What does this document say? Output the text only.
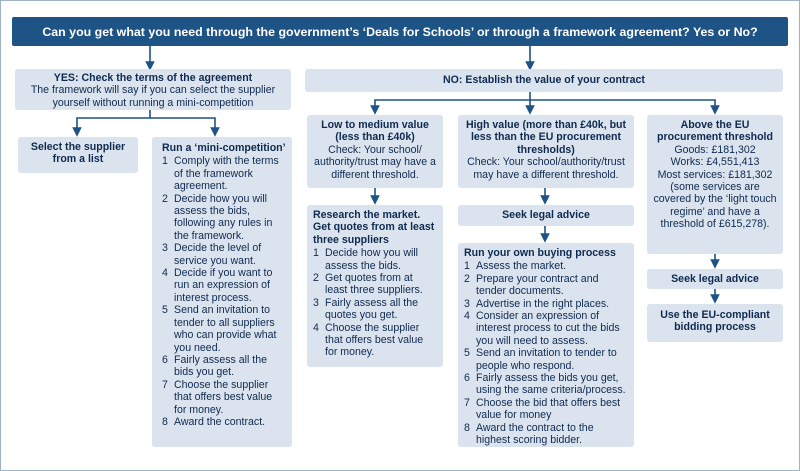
Can you get what you need through the government’s ‘Deals for Schools’ or through a framework agreement? Yes or No?
YES: Check the terms of the agreement
The framework will say if you can select the supplier yourself without running a mini-competition
Select the supplier from a list
Run a ‘mini-competition’
1 Comply with the terms of the framework agreement.
2 Decide how you will assess the bids, following any rules in the framework.
3 Decide the level of service you want.
4 Decide if you want to run an expression of interest process.
5 Send an invitation to tender to all suppliers who can provide what you need.
6 Fairly assess all the bids you get.
7 Choose the supplier that offers best value for money.
8 Award the contract.
NO: Establish the value of your contract
Low to medium value (less than £40k)
Check: Your school/ authority/trust may have a different threshold.
Research the market. Get quotes from at least three suppliers
1 Decide how you will assess the bids.
2 Get quotes from at least three suppliers.
3 Fairly assess all the quotes you get.
4 Choose the supplier that offers best value for money.
High value (more than £40k, but less than the EU procurement thresholds)
Check: Your school/authority/trust may have a different threshold.
Seek legal advice
Run your own buying process
1 Assess the market.
2 Prepare your contract and tender documents.
3 Advertise in the right places.
4 Consider an expression of interest process to cut the bids you will need to assess.
5 Send an invitation to tender to people who respond.
6 Fairly assess the bids you get, using the same criteria/process.
7 Choose the bid that offers best value for money
8 Award the contract to the highest scoring bidder.
Above the EU procurement threshold
Goods: £181,302
Works: £4,551,413
Most services: £181,302
(some services are covered by the ‘light touch regime’ and have a threshold of £615,278).
Seek legal advice
Use the EU-compliant bidding process
